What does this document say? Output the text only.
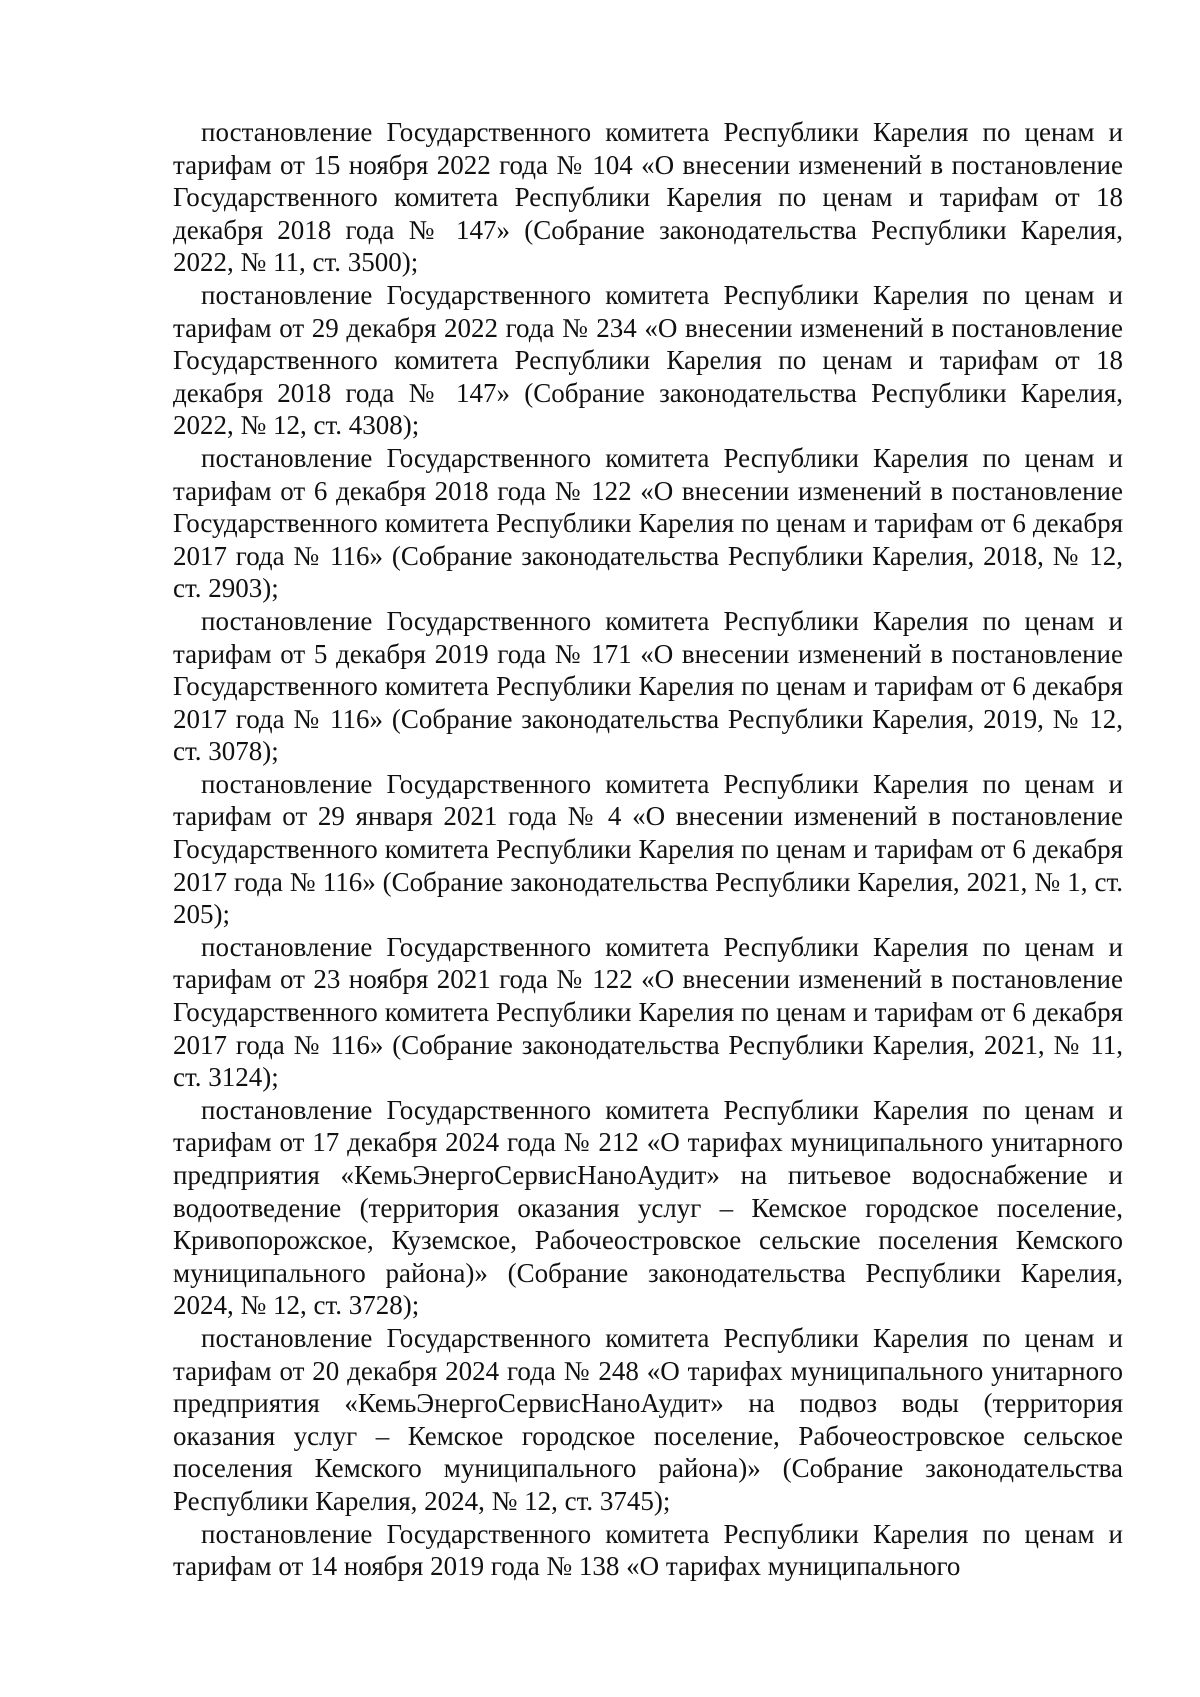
постановление Государственного комитета Республики Карелия по ценам и тарифам от 15 ноября 2022 года № 104 «О внесении изменений в постановление Государственного комитета Республики Карелия по ценам и тарифам от 18 декабря 2018 года № 147» (Собрание законодательства Республики Карелия, 2022, № 11, ст. 3500);

постановление Государственного комитета Республики Карелия по ценам и тарифам от 29 декабря 2022 года № 234 «О внесении изменений в постановление Государственного комитета Республики Карелия по ценам и тарифам от 18 декабря 2018 года № 147» (Собрание законодательства Республики Карелия, 2022, № 12, ст. 4308);

постановление Государственного комитета Республики Карелия по ценам и тарифам от 6 декабря 2018 года № 122 «О внесении изменений в постановление Государственного комитета Республики Карелия по ценам и тарифам от 6 декабря 2017 года № 116» (Собрание законодательства Республики Карелия, 2018, № 12, ст. 2903);

постановление Государственного комитета Республики Карелия по ценам и тарифам от 5 декабря 2019 года № 171 «О внесении изменений в постановление Государственного комитета Республики Карелия по ценам и тарифам от 6 декабря 2017 года № 116» (Собрание законодательства Республики Карелия, 2019, № 12, ст. 3078);

постановление Государственного комитета Республики Карелия по ценам и тарифам от 29 января 2021 года № 4 «О внесении изменений в постановление Государственного комитета Республики Карелия по ценам и тарифам от 6 декабря 2017 года № 116» (Собрание законодательства Республики Карелия, 2021, № 1, ст. 205);

постановление Государственного комитета Республики Карелия по ценам и тарифам от 23 ноября 2021 года № 122 «О внесении изменений в постановление Государственного комитета Республики Карелия по ценам и тарифам от 6 декабря 2017 года № 116» (Собрание законодательства Республики Карелия, 2021, № 11, ст. 3124);

постановление Государственного комитета Республики Карелия по ценам и тарифам от 17 декабря 2024 года № 212 «О тарифах муниципального унитарного предприятия «КемьЭнергоСервисНаноАудит» на питьевое водоснабжение и водоотведение (территория оказания услуг – Кемское городское поселение, Кривопорожское, Куземское, Рабочеостровское сельские поселения Кемского муниципального района)» (Собрание законодательства Республики Карелия, 2024, № 12, ст. 3728);

постановление Государственного комитета Республики Карелия по ценам и тарифам от 20 декабря 2024 года № 248 «О тарифах муниципального унитарного предприятия «КемьЭнергоСервисНаноАудит» на подвоз воды (территория оказания услуг – Кемское городское поселение, Рабочеостровское сельское поселения Кемского муниципального района)» (Собрание законодательства Республики Карелия, 2024, № 12, ст. 3745);

постановление Государственного комитета Республики Карелия по ценам и тарифам от 14 ноября 2019 года № 138 «О тарифах муниципального
